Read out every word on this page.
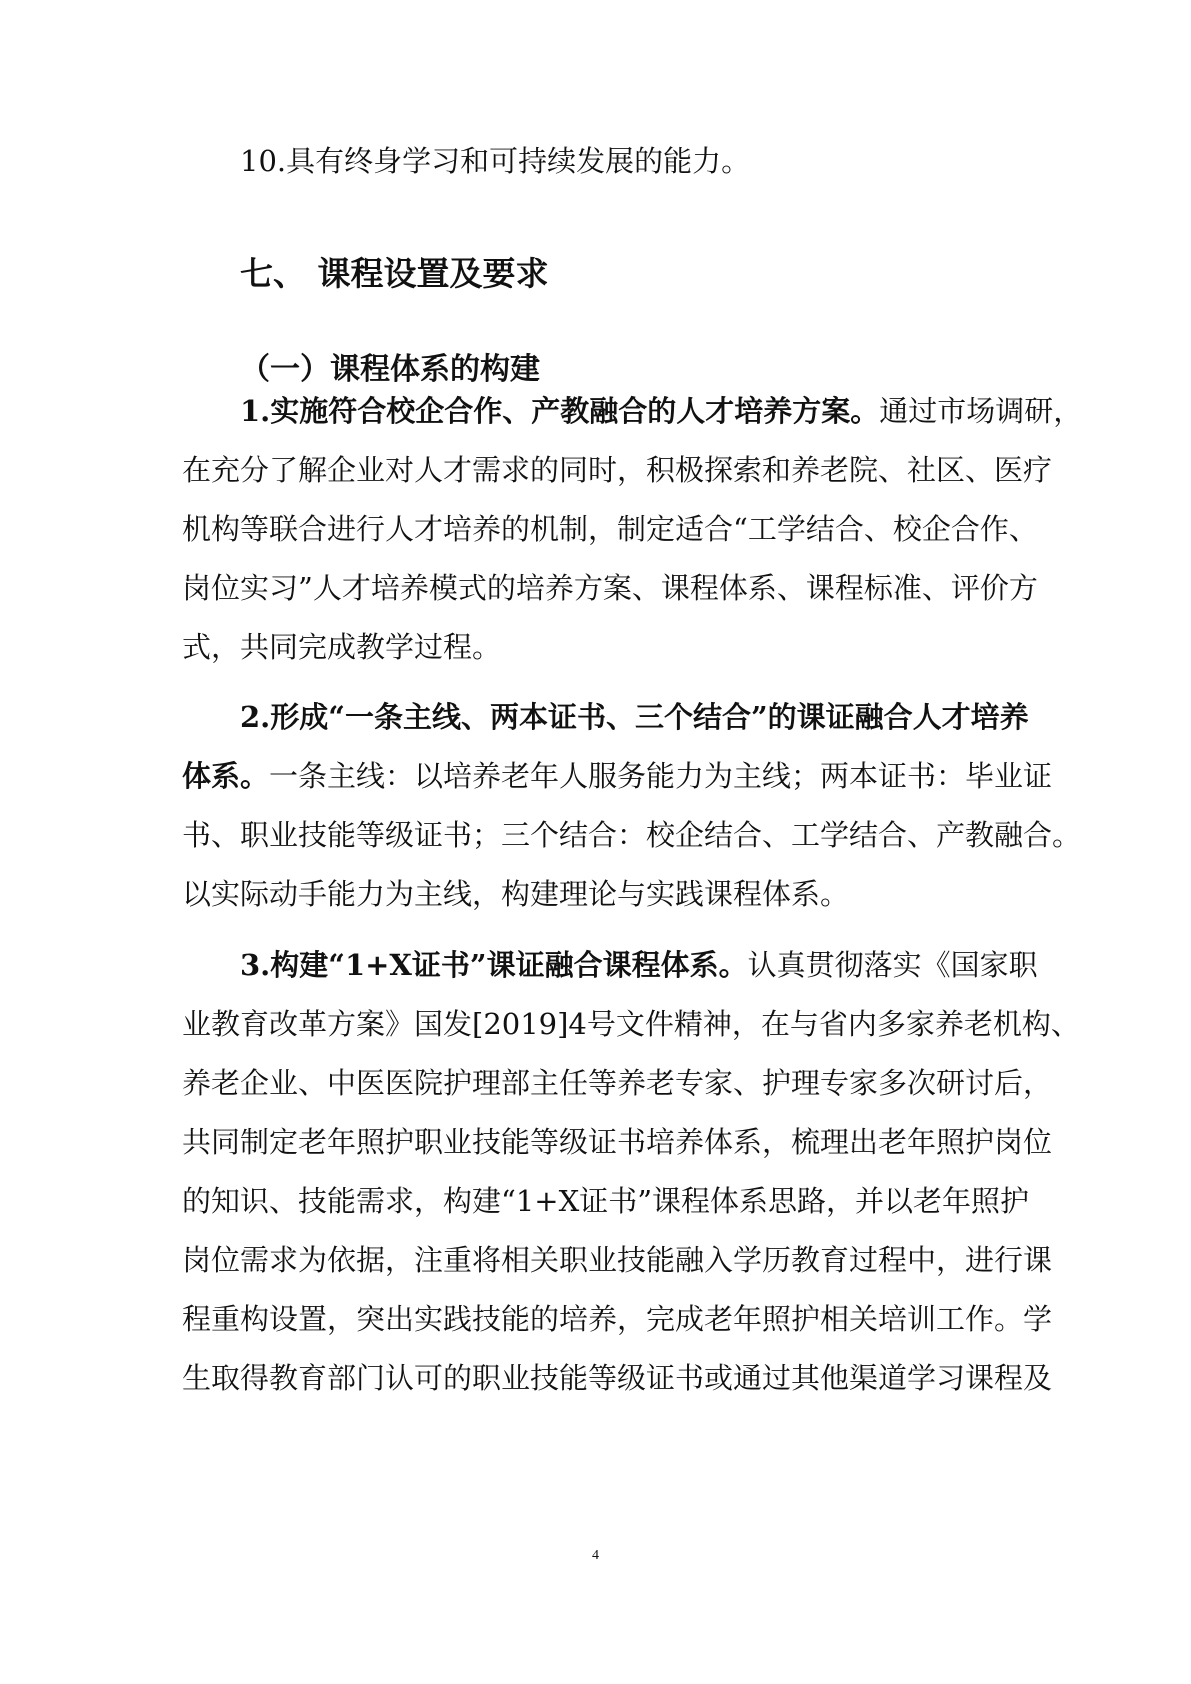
10.具有终身学习和可持续发展的能力。
七、 课程设置及要求
（一）课程体系的构建
1.实施符合校企合作、产教融合的人才培养方案。通过市场调研，
在充分了解企业对人才需求的同时，积极探索和养老院、社区、医疗
机构等联合进行人才培养的机制，制定适合“工学结合、校企合作、
岗位实习”人才培养模式的培养方案、课程体系、课程标准、评价方
式，共同完成教学过程。
2.形成“一条主线、两本证书、三个结合”的课证融合人才培养
体系。一条主线：以培养老年人服务能力为主线；两本证书：毕业证
书、职业技能等级证书；三个结合：校企结合、工学结合、产教融合。
以实际动手能力为主线，构建理论与实践课程体系。
3.构建“1+X证书”课证融合课程体系。认真贯彻落实《国家职
业教育改革方案》国发[2019]4号文件精神，在与省内多家养老机构、
养老企业、中医医院护理部主任等养老专家、护理专家多次研讨后，
共同制定老年照护职业技能等级证书培养体系，梳理出老年照护岗位
的知识、技能需求，构建“1+X证书”课程体系思路，并以老年照护
岗位需求为依据，注重将相关职业技能融入学历教育过程中，进行课
程重构设置，突出实践技能的培养，完成老年照护相关培训工作。学
生取得教育部门认可的职业技能等级证书或通过其他渠道学习课程及
4
